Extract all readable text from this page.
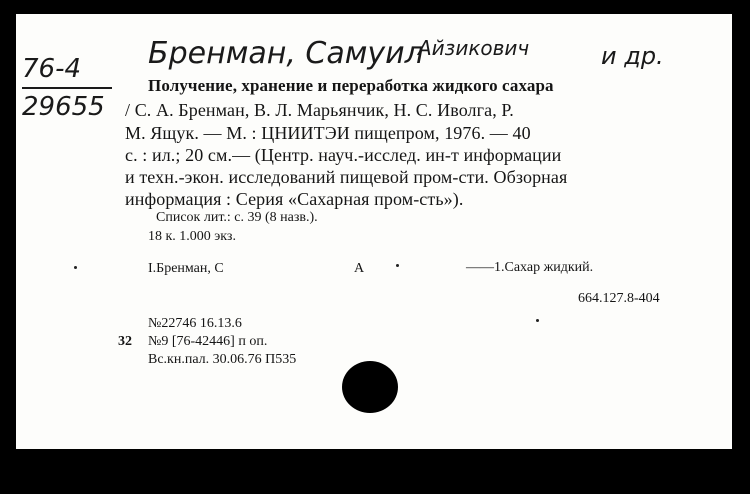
76-4
29655
Бренман, Самуил
Айзикович	и др.
Получение, хранение и переработка жидкого сахара
/ С. А. Бренман, В. Л. Марьянчик, Н. С. Иволга, Р.
М. Ящук. — М. : ЦНИИТЭИ пищепром, 1976. — 40
с. : ил.; 20 см.— (Центр. науч.-исслед. ин-т информации
и техн.-экон. исследований пищевой пром-сти. Обзорная
информация : Серия «Сахарная пром-сть»).
Список лит.: с. 39 (8 назв.).
18 к. 1.000 экз.
I.Бренман, С	А	——1.Сахар жидкий.
664.127.8-404
№22746 16.13.6
32 №9 [76-42446] п оп.
Вс.кн.пал. 30.06.76 П535
